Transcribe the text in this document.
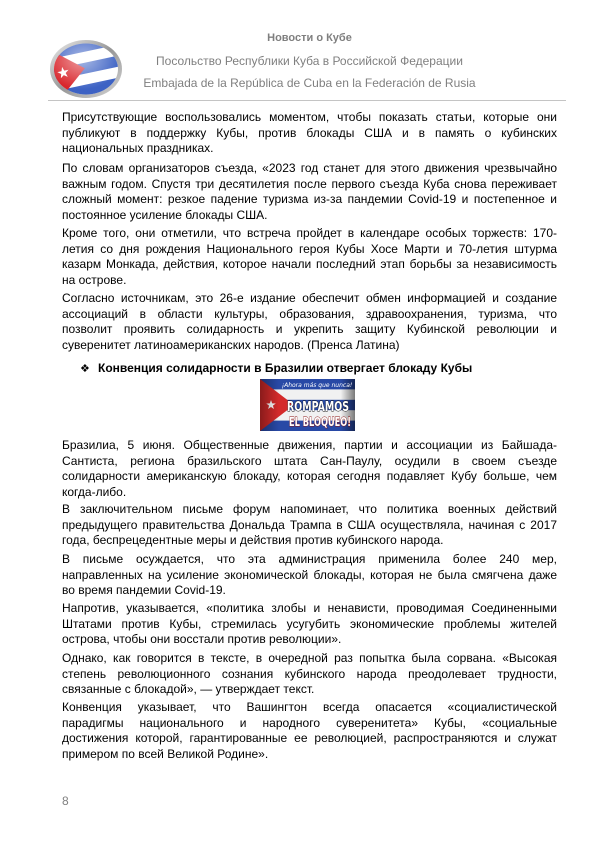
Новости о Кубе
Посольство Республики Куба в Российской Федерации
Embajada de la República de Cuba en la Federación de Rusia
Присутствующие воспользовались моментом, чтобы показать статьи, которые они
публикуют в поддержку Кубы, против блокады США и в память о кубинских
национальных праздниках.
По словам организаторов съезда, «2023 год станет для этого движения чрезвычайно
важным годом. Спустя три десятилетия после первого съезда Куба снова переживает
сложный момент: резкое падение туризма из-за пандемии Covid-19 и постепенное и
постоянное усиление блокады США.
Кроме того, они отметили, что встреча пройдет в календаре особых торжеств: 170-
летия со дня рождения Национального героя Кубы Хосе Марти и 70-летия штурма
казарм Монкада, действия, которое начали последний этап борьбы за независимость
на острове.
Согласно источникам, это 26-е издание обеспечит обмен информацией и создание
ассоциаций в области культуры, образования, здравоохранения, туризма, что
позволит проявить солидарность и укрепить защиту Кубинской революции и
суверенитет латиноамериканских народов. (Пренса Латина)
❖ Конвенция солидарности в Бразилии отвергает блокаду Кубы
¡Ahora más que nunca!
ROMPAMOS
EL BLOQUEO!
Бразилиа, 5 июня. Общественные движения, партии и ассоциации из Байшада-
Сантиста, региона бразильского штата Сан-Паулу, осудили в своем съезде
солидарности американскую блокаду, которая сегодня подавляет Кубу больше, чем
когда-либо.
В заключительном письме форум напоминает, что политика военных действий
предыдущего правительства Дональда Трампа в США осуществляла, начиная с 2017
года, беспрецедентные меры и действия против кубинского народа.
В письме осуждается, что эта администрация применила более 240 мер,
направленных на усиление экономической блокады, которая не была смягчена даже
во время пандемии Covid-19.
Напротив, указывается, «политика злобы и ненависти, проводимая Соединенными
Штатами против Кубы, стремилась усугубить экономические проблемы жителей
острова, чтобы они восстали против революции».
Однако, как говорится в тексте, в очередной раз попытка была сорвана. «Высокая
степень революционного сознания кубинского народа преодолевает трудности,
связанные с блокадой», — утверждает текст.
Конвенция указывает, что Вашингтон всегда опасается «социалистической
парадигмы национального и народного суверенитета» Кубы, «социальные
достижения которой, гарантированные ее революцией, распространяются и служат
примером по всей Великой Родине».
8
